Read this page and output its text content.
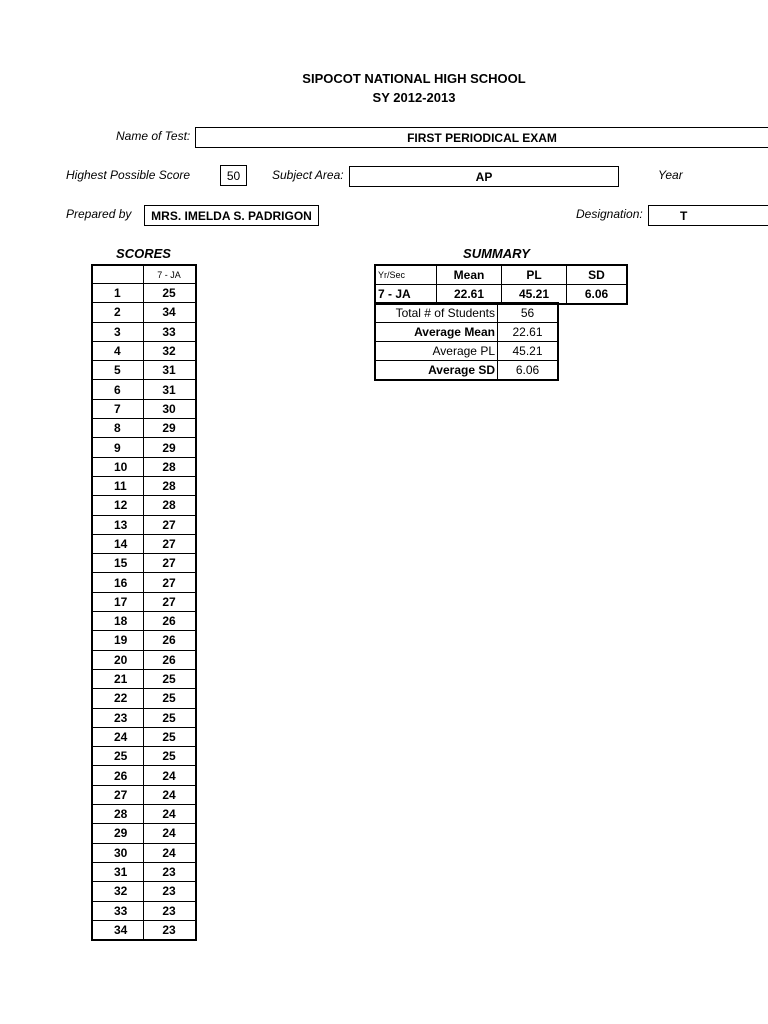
SIPOCOT NATIONAL HIGH SCHOOL
SY 2012-2013
Name of Test:	FIRST PERIODICAL EXAM
Highest Possible Score	50	Subject Area:	AP	Year
Prepared by	MRS. IMELDA S. PADRIGON	Designation:	T
SCORES	SUMMARY
	7 - JA
1	25
2	34
3	33
4	32
5	31
6	31
7	30
8	29
9	29
10	28
11	28
12	28
13	27
14	27
15	27
16	27
17	27
18	26
19	26
20	26
21	25
22	25
23	25
24	25
25	25
26	24
27	24
28	24
29	24
30	24
31	23
32	23
33	23
34	23
Yr/Sec	Mean	PL	SD
7 - JA	22.61	45.21	6.06
Total # of Students	56
Average Mean	22.61
Average PL	45.21
Average SD	6.06
